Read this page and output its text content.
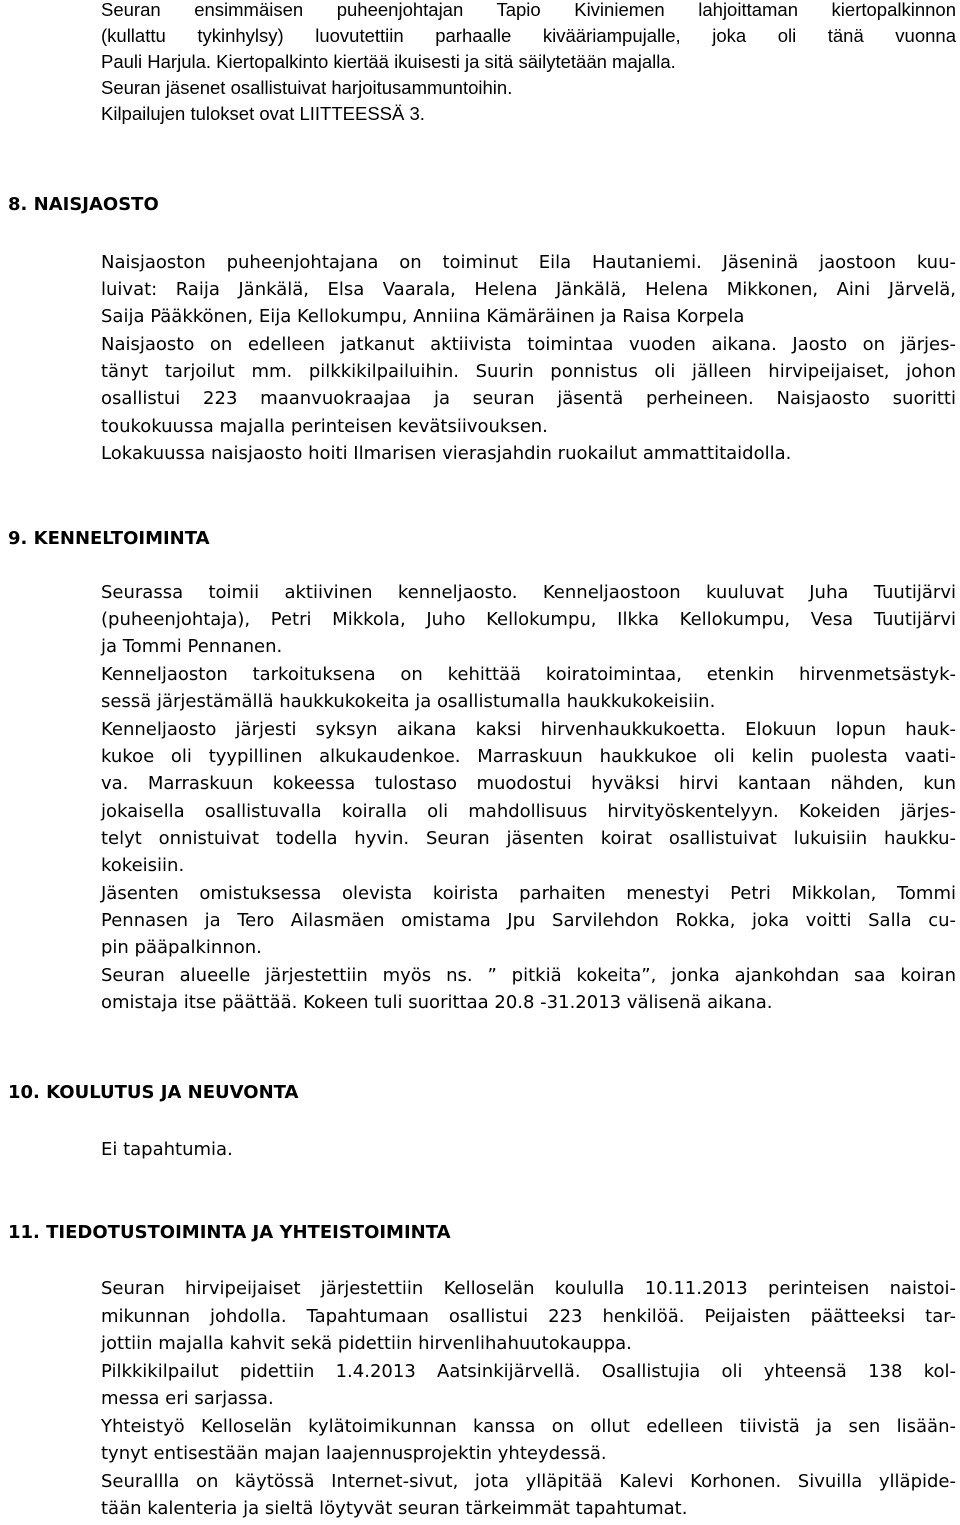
Seuran ensimmäisen puheenjohtajan Tapio Kiviniemen lahjoittaman kiertopalkinnon
(kullattu tykinhylsy) luovutettiin parhaalle kivääriampujalle, joka oli tänä vuonna
Pauli Harjula. Kiertopalkinto kiertää ikuisesti ja sitä säilytetään majalla.
Seuran jäsenet osallistuivat harjoitusammuntoihin.
Kilpailujen tulokset ovat LIITTEESSÄ 3.
8. NAISJAOSTO
Naisjaoston puheenjohtajana on toiminut Eila Hautaniemi. Jäseninä jaostoon kuu-
luivat: Raija Jänkälä, Elsa Vaarala, Helena Jänkälä, Helena Mikkonen, Aini Järvelä,
Saija Pääkkönen, Eija Kellokumpu, Anniina Kämäräinen ja Raisa Korpela
Naisjaosto on edelleen jatkanut aktiivista toimintaa vuoden aikana. Jaosto on järjes-
tänyt tarjoilut mm. pilkkikilpailuihin. Suurin ponnistus oli jälleen hirvipeijaiset, johon
osallistui 223 maanvuokraajaa ja seuran jäsentä perheineen. Naisjaosto suoritti
toukokuussa majalla perinteisen kevätsiivouksen.
Lokakuussa naisjaosto hoiti Ilmarisen vierasjahdin ruokailut ammattitaidolla.
9. KENNELTOIMINTA
Seurassa toimii aktiivinen kenneljaosto. Kenneljaostoon kuuluvat Juha Tuutijärvi
(puheenjohtaja), Petri Mikkola, Juho Kellokumpu, Ilkka Kellokumpu, Vesa Tuutijärvi
ja Tommi Pennanen.
Kenneljaoston tarkoituksena on kehittää koiratoimintaa, etenkin hirvenmetsästyk-
sessä järjestämällä haukkukokeita ja osallistumalla haukkukokeisiin.
Kenneljaosto järjesti syksyn aikana kaksi hirvenhaukkukoetta. Elokuun lopun hauk-
kukoe oli tyypillinen alkukaudenkoe. Marraskuun haukkukoe oli kelin puolesta vaati-
va. Marraskuun kokeessa tulostaso muodostui hyväksi hirvi kantaan nähden, kun
jokaisella osallistuvalla koiralla oli mahdollisuus hirvityöskentelyyn. Kokeiden järjes-
telyt onnistuivat todella hyvin. Seuran jäsenten koirat osallistuivat lukuisiin haukku-
kokeisiin.
Jäsenten omistuksessa olevista koirista parhaiten menestyi Petri Mikkolan, Tommi
Pennasen ja Tero Ailasmäen omistama Jpu Sarvilehdon Rokka, joka voitti Salla cu-
pin pääpalkinnon.
Seuran alueelle järjestettiin myös ns. ” pitkiä kokeita”, jonka ajankohdan saa koiran
omistaja itse päättää. Kokeen tuli suorittaa 20.8 -31.2013 välisenä aikana.
10. KOULUTUS JA NEUVONTA
Ei tapahtumia.
11. TIEDOTUSTOIMINTA JA YHTEISTOIMINTA
Seuran hirvipeijaiset järjestettiin Kelloselän koululla 10.11.2013 perinteisen naistoi-
mikunnan johdolla. Tapahtumaan osallistui 223 henkilöä. Peijaisten päätteeksi tar-
jottiin majalla kahvit sekä pidettiin hirvenlihahuutokauppa.
Pilkkikilpailut pidettiin 1.4.2013 Aatsinkijärvellä. Osallistujia oli yhteensä 138 kol-
messa eri sarjassa.
Yhteistyö Kelloselän kylätoimikunnan kanssa on ollut edelleen tiivistä ja sen lisään-
tynyt entisestään majan laajennusprojektin yhteydessä.
Seurallla on käytössä Internet-sivut, jota ylläpitää Kalevi Korhonen. Sivuilla ylläpide-
tään kalenteria ja sieltä löytyvät seuran tärkeimmät tapahtumat.
